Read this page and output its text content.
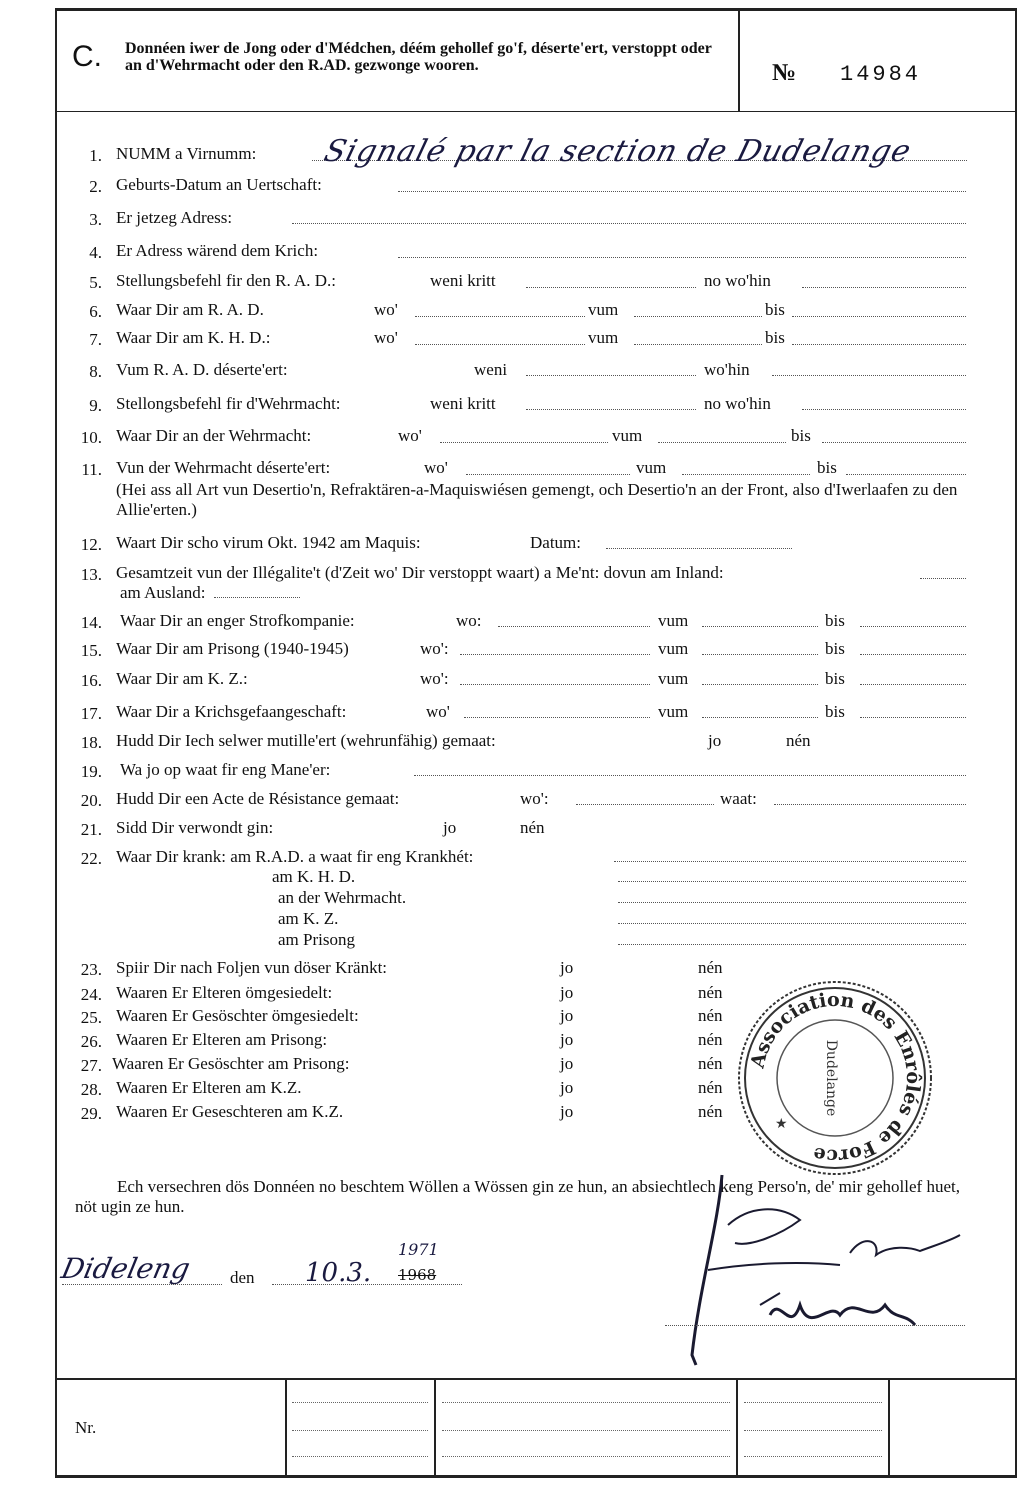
C. Donnéen iwer de Jong oder d'Médchen, déém gehollef go'f, déserte'ert, verstoppt oder an d'Wehrmacht oder den R.AD. gezwonge wooren.	№ 14984
1. NUMM a Virnumm: Signalé par la section de Dudelange
2. Geburts-Datum an Uertschaft:
3. Er jetzeg Adress:
4. Er Adress wärend dem Krich:
5. Stellungsbefehl fir den R. A. D.:	weni kritt	no wo'hin
6. Waar Dir am R. A. D.	wo'	vum	bis
7. Waar Dir am K. H. D.:	wo'	vum	bis
8. Vum R. A. D. déserte'ert:	weni	wo'hin
9. Stellongsbefehl fir d'Wehrmacht:	weni kritt	no wo'hin
10. Waar Dir an der Wehrmacht:	wo'	vum	bis
11. Vun der Wehrmacht déserte'ert:	wo'	vum	bis
(Hei ass all Art vun Desertio'n, Refraktären-a-Maquiswiésen gemengt, och Desertio'n an der Front, also d'Iwerlaafen zu den Allie'erten.)
12. Waart Dir scho virum Okt. 1942 am Maquis:	Datum:
13. Gesamtzeit vun der Illégalite't (d'Zeit wo' Dir verstoppt waart) a Me'nt: dovun am Inland:
am Ausland:
14. Waar Dir an enger Strofkompanie:	wo:	vum	bis
15. Waar Dir am Prisong (1940-1945)	wo':	vum	bis
16. Waar Dir am K. Z.:	wo':	vum	bis
17. Waar Dir a Krichsgefaangeschaft:	wo'	vum	bis
18. Hudd Dir Iech selwer mutille'ert (wehrunfähig) gemaat:	jo	nén
19. Wa jo op waat fir eng Mane'er:
20. Hudd Dir een Acte de Résistance gemaat:	wo':	waat:
21. Sidd Dir verwondt gin:	jo	nén
22. Waar Dir krank: am R.A.D. a waat fir eng Krankhét:
am K. H. D.
an der Wehrmacht.
am K. Z.
am Prisong
23. Spiir Dir nach Foljen vun döser Kränkt:	jo	nén
24. Waaren Er Elteren ömgesiedelt:	jo	nén
25. Waaren Er Gesöschter ömgesiedelt:	jo	nén
26. Waaren Er Elteren am Prisong:	jo	nén
27. Waaren Er Gesöschter am Prisong:	jo	nén
28. Waaren Er Elteren am K.Z.	jo	nén
29. Waaren Er Geseschteren am K.Z.	jo	nén
Association des Enrôlés de Force
Dudelange
★
Ech versechren dös Donnéen no beschtem Wöllen a Wössen gin ze hun, an absiechtlech keng Perso'n, de' mir gehollef huet, nöt ugin ze hun.
Dideleng den 10.3.
1971
1968
Nr.
